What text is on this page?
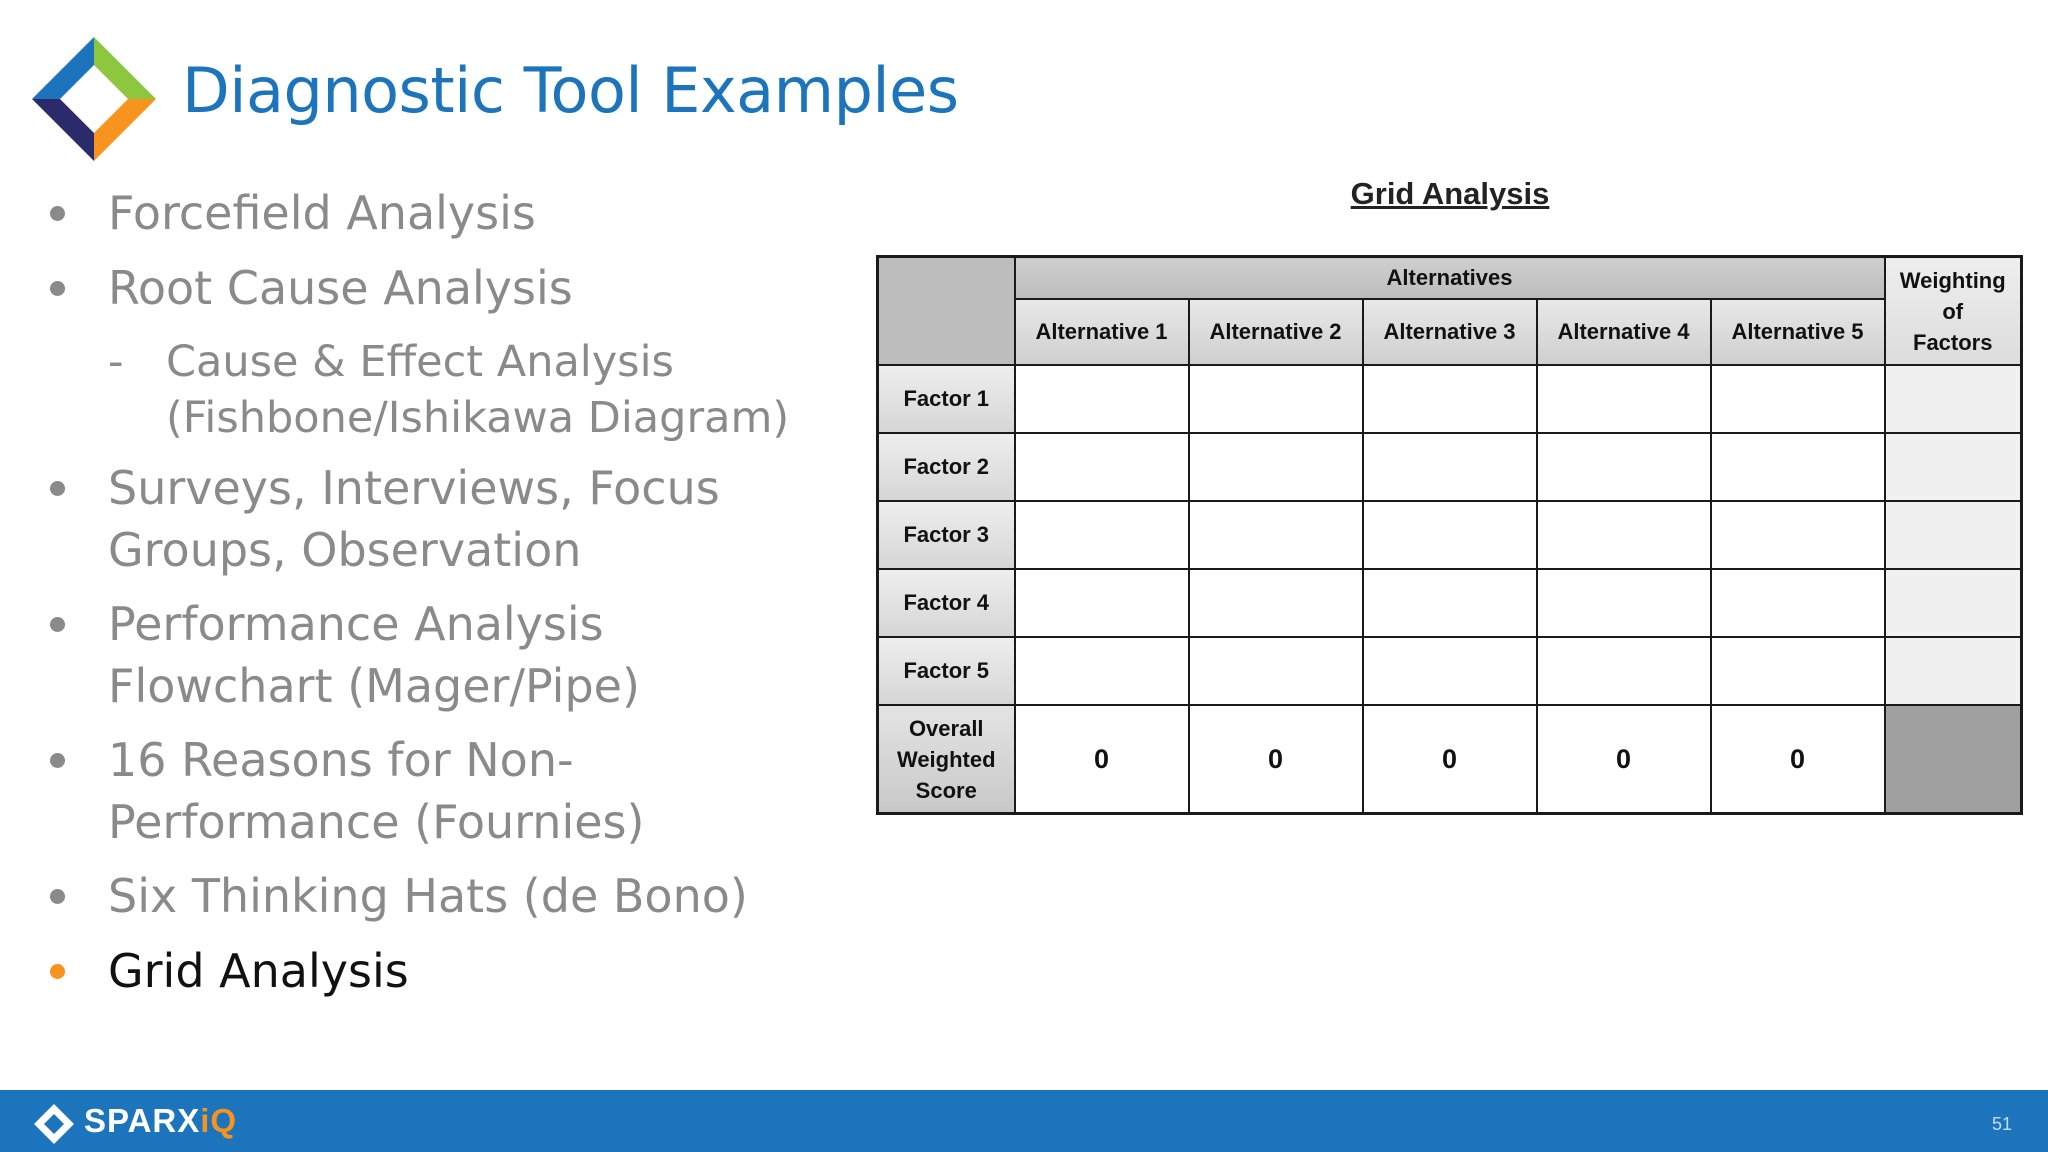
Diagnostic Tool Examples
Forcefield Analysis
Root Cause Analysis
- Cause & Effect Analysis
(Fishbone/Ishikawa Diagram)
Surveys, Interviews, Focus
Groups, Observation
Performance Analysis
Flowchart (Mager/Pipe)
16 Reasons for Non-
Performance (Fournies)
Six Thinking Hats (de Bono)
Grid Analysis
Grid Analysis
	Alternatives					Weighting
of
Factors

	Alternative 1	Alternative 2	Alternative 3	Alternative 4	Alternative 5	
Factor 1						
Factor 2						
Factor 3						
Factor 4						
Factor 5						

Overall
Weighted
Score	0	0	0	0	0	
SPARXiQ	51
